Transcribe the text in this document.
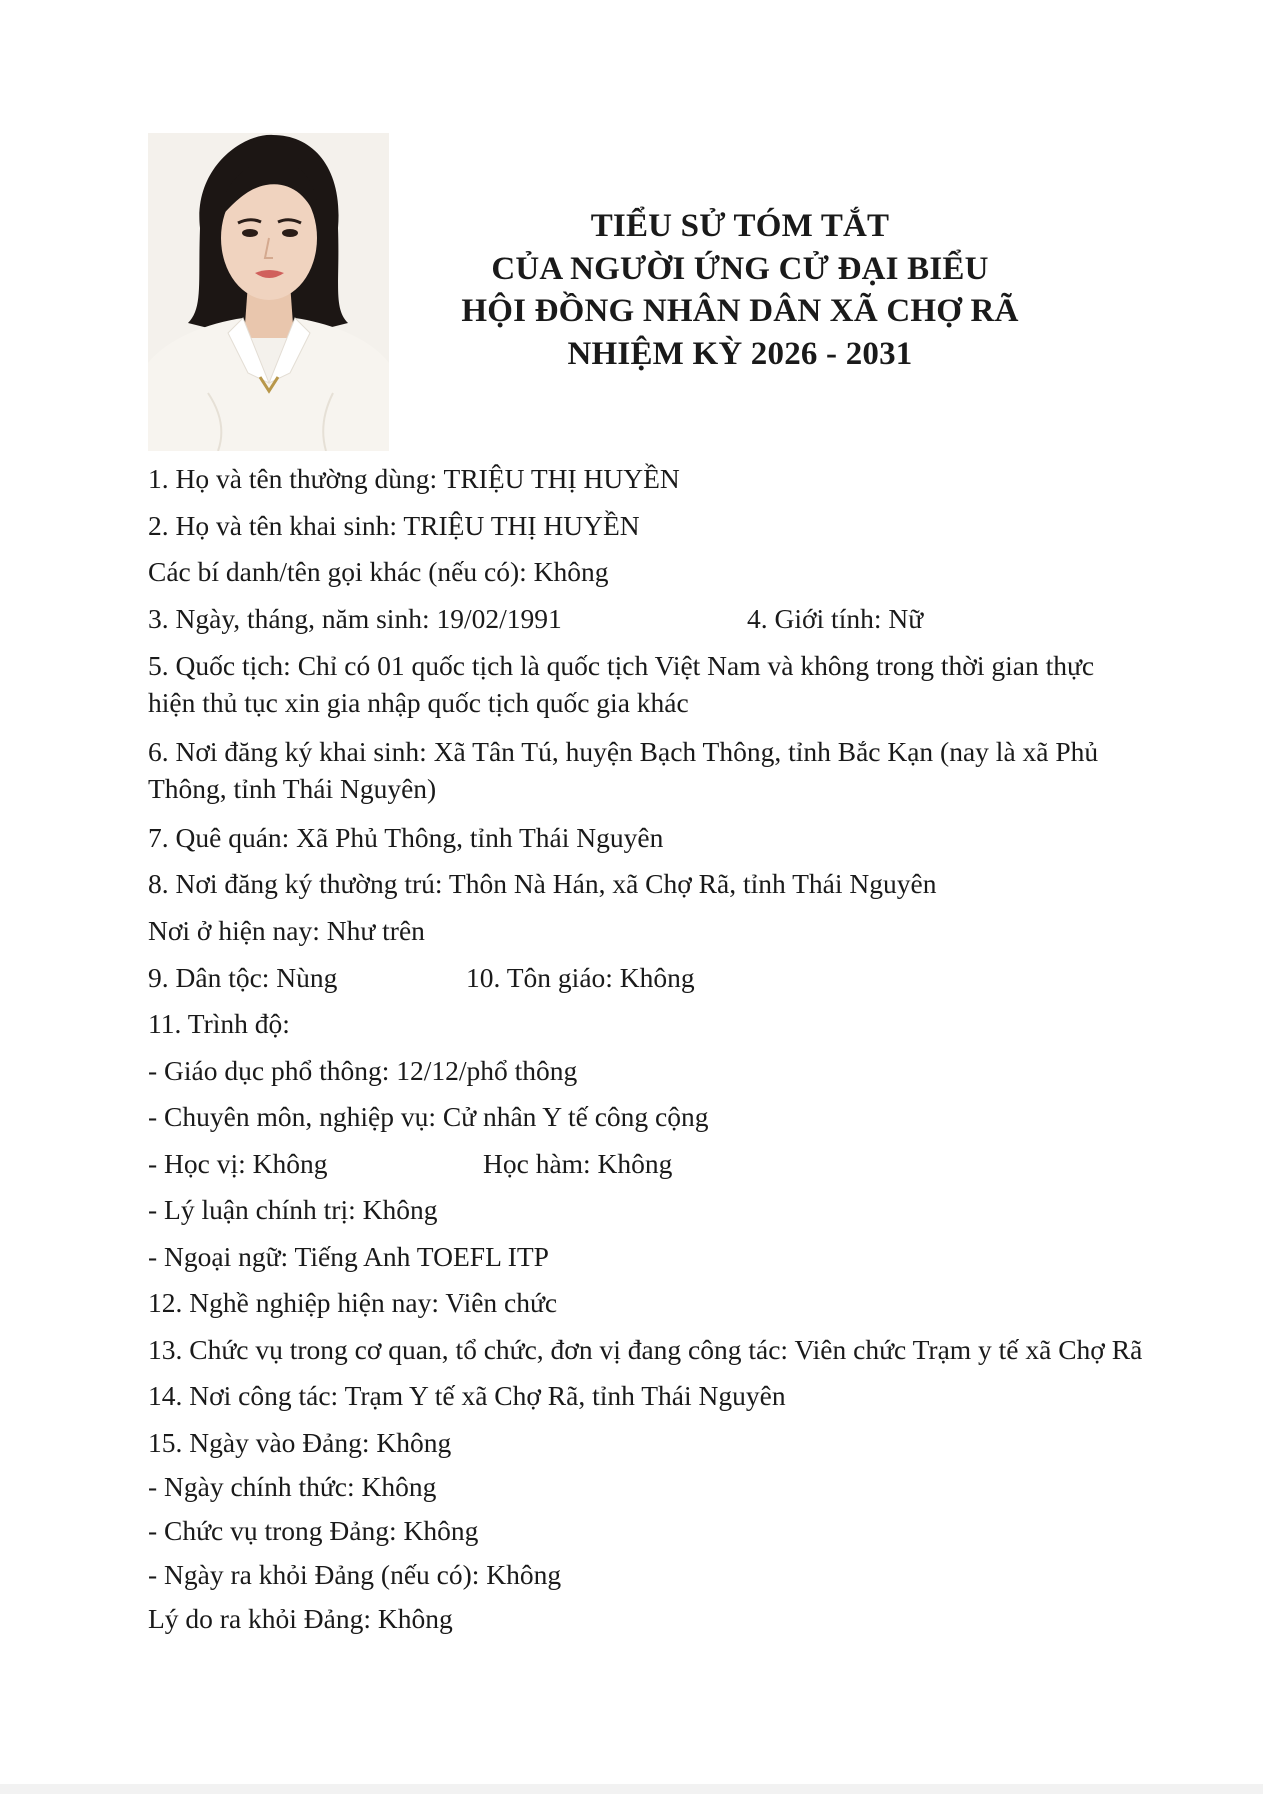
TIỂU SỬ TÓM TẮT
CỦA NGƯỜI ỨNG CỬ ĐẠI BIỂU
HỘI ĐỒNG NHÂN DÂN XÃ CHỢ RÃ
NHIỆM KỲ 2026 - 2031
1. Họ và tên thường dùng: TRIỆU THỊ HUYỀN
2. Họ và tên khai sinh: TRIỆU THỊ HUYỀN
Các bí danh/tên gọi khác (nếu có): Không
3. Ngày, tháng, năm sinh: 19/02/1991	4. Giới tính: Nữ
5. Quốc tịch: Chỉ có 01 quốc tịch là quốc tịch Việt Nam và không trong thời gian thực
hiện thủ tục xin gia nhập quốc tịch quốc gia khác
6. Nơi đăng ký khai sinh: Xã Tân Tú, huyện Bạch Thông, tỉnh Bắc Kạn (nay là xã Phủ
Thông, tỉnh Thái Nguyên)
7. Quê quán: Xã Phủ Thông, tỉnh Thái Nguyên
8. Nơi đăng ký thường trú: Thôn Nà Hán, xã Chợ Rã, tỉnh Thái Nguyên
Nơi ở hiện nay: Như trên
9. Dân tộc: Nùng	10. Tôn giáo: Không
11. Trình độ:
- Giáo dục phổ thông: 12/12/phổ thông
- Chuyên môn, nghiệp vụ: Cử nhân Y tế công cộng
- Học vị: Không	Học hàm: Không
- Lý luận chính trị: Không
- Ngoại ngữ: Tiếng Anh TOEFL ITP
12. Nghề nghiệp hiện nay: Viên chức
13. Chức vụ trong cơ quan, tổ chức, đơn vị đang công tác: Viên chức Trạm y tế xã Chợ Rã
14. Nơi công tác: Trạm Y tế xã Chợ Rã, tỉnh Thái Nguyên
15. Ngày vào Đảng: Không
- Ngày chính thức: Không
- Chức vụ trong Đảng: Không
- Ngày ra khỏi Đảng (nếu có): Không
Lý do ra khỏi Đảng: Không
